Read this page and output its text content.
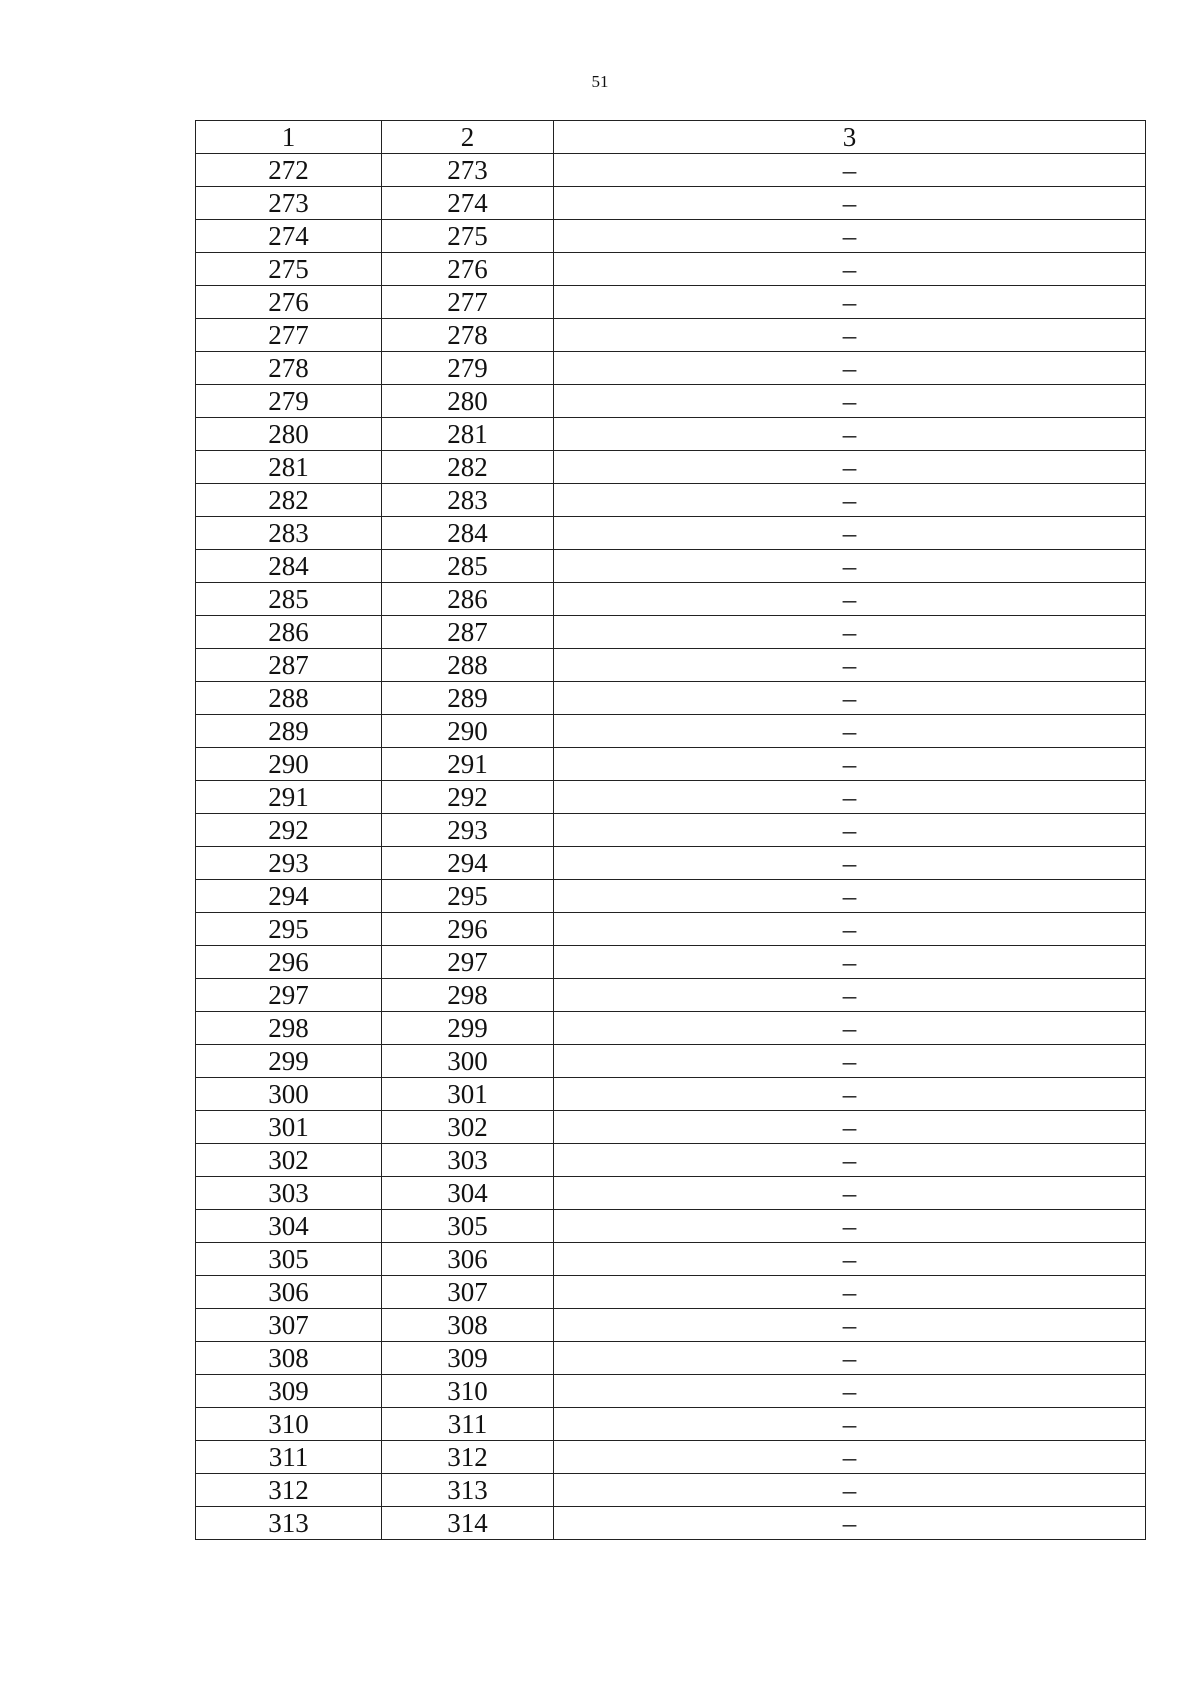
51
1	2	3
272	273	–
273	274	–
274	275	–
275	276	–
276	277	–
277	278	–
278	279	–
279	280	–
280	281	–
281	282	–
282	283	–
283	284	–
284	285	–
285	286	–
286	287	–
287	288	–
288	289	–
289	290	–
290	291	–
291	292	–
292	293	–
293	294	–
294	295	–
295	296	–
296	297	–
297	298	–
298	299	–
299	300	–
300	301	–
301	302	–
302	303	–
303	304	–
304	305	–
305	306	–
306	307	–
307	308	–
308	309	–
309	310	–
310	311	–
311	312	–
312	313	–
313	314	–
